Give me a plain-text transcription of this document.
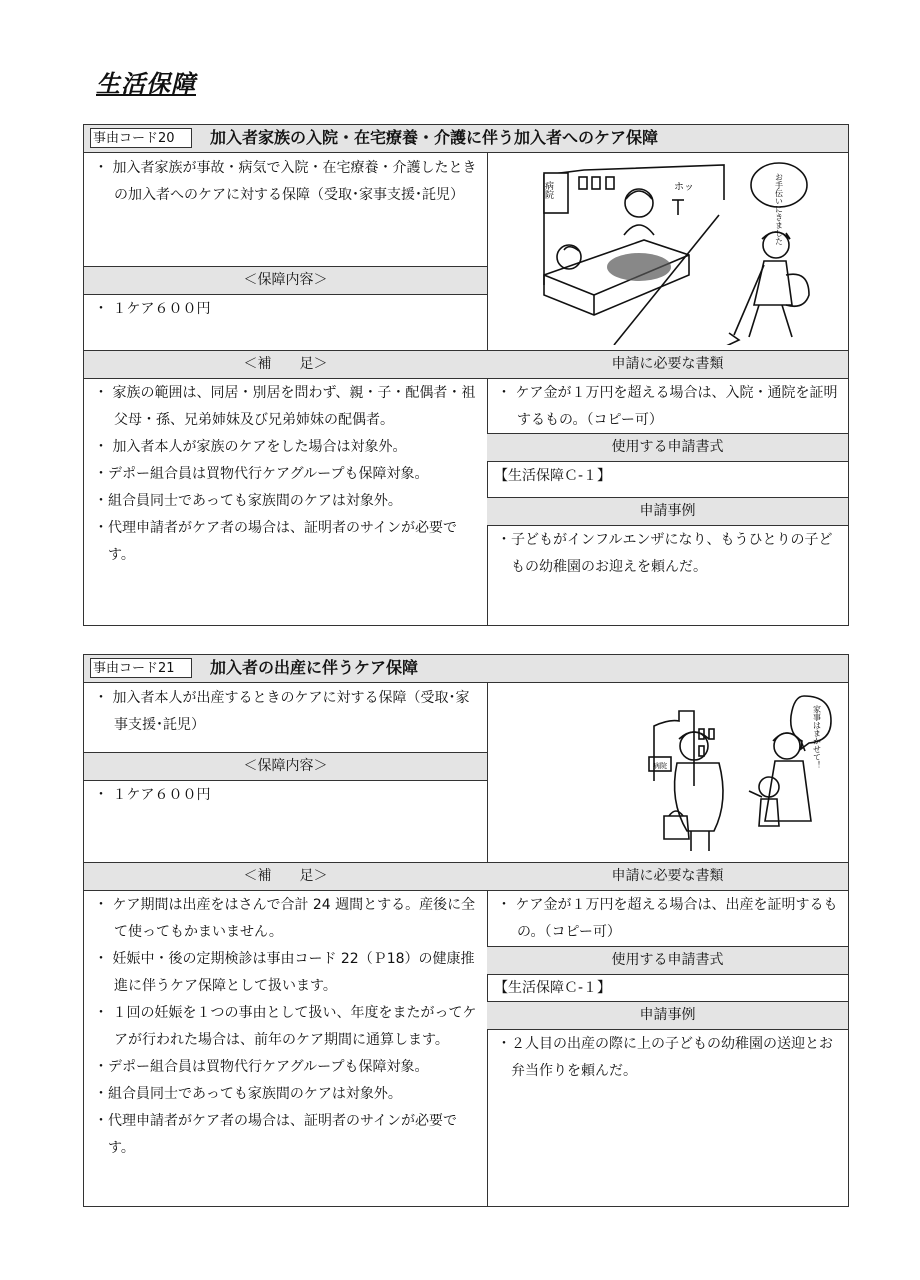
生活保障
事由コード20	加入者家族の入院・在宅療養・介護に伴う加入者へのケア保障
・ 加入者家族が事故・病気で入院・在宅療養・介護したときの加入者へのケアに対する保障（受取･家事支援･託児）
＜保障内容＞
・ １ケア６００円
＜補　　足＞	申請に必要な書類
・ 家族の範囲は、同居・別居を問わず、親・子・配偶者・祖父母・孫、兄弟姉妹及び兄弟姉妹の配偶者。
・ 加入者本人が家族のケアをした場合は対象外。
・デポー組合員は買物代行ケアグループも保障対象。
・組合員同士であっても家族間のケアは対象外。
・代理申請者がケア者の場合は、証明者のサインが必要です。
・ ケア金が１万円を超える場合は、入院・通院を証明するもの。（コピー可）
使用する申請書式
【生活保障Ｃ-１】
申請事例
・子どもがインフルエンザになり、もうひとりの子どもの幼稚園のお迎えを頼んだ。
病院	ホッ	お手伝いにきました
事由コード21	加入者の出産に伴うケア保障
・ 加入者本人が出産するときのケアに対する保障（受取･家事支援･託児）
＜保障内容＞
・ １ケア６００円
＜補　　足＞	申請に必要な書類
・ ケア期間は出産をはさんで合計 24 週間とする。産後に全て使ってもかまいません。
・ 妊娠中・後の定期検診は事由コード 22（Ｐ18）の健康推進に伴うケア保障として扱います。
・ １回の妊娠を１つの事由として扱い、年度をまたがってケアが行われた場合は、前年のケア期間に通算します。
・デポー組合員は買物代行ケアグループも保障対象。
・組合員同士であっても家族間のケアは対象外。
・代理申請者がケア者の場合は、証明者のサインが必要です。
・ ケア金が１万円を超える場合は、出産を証明するもの。（コピー可）
使用する申請書式
【生活保障Ｃ-１】
申請事例
・２人目の出産の際に上の子どもの幼稚園の送迎とお弁当作りを頼んだ。
病院	家事はまかせて！
